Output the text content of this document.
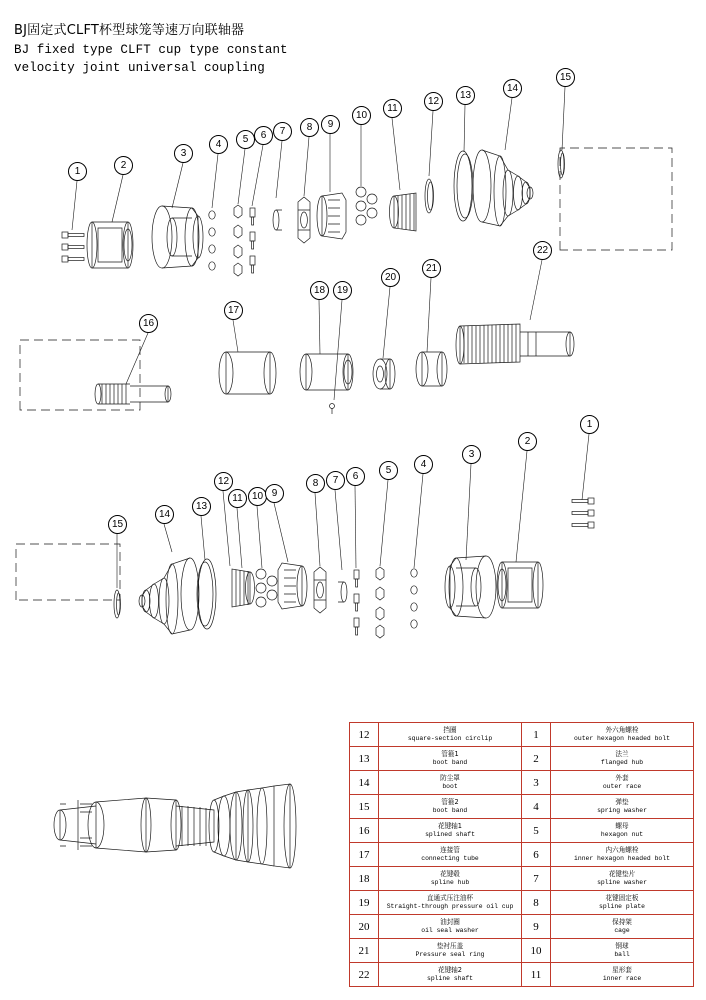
BJ固定式CLFT杯型球笼等速万向联轴器
BJ fixed type CLFT cup type constant
velocity joint universal coupling
1
2
3
4	5	6	7	8	9
10
11
12
13
14
15
16
17
18	19
20
21
22
15
14
13
11 10 9
12	8	7	6
5
4
3
2
1
12	挡圈
square-section circlip	1	外六角螺栓
outer hexagon headed bolt

13	管箍1
boot band	2	法兰
flanged hub

14	防尘罩
boot	3	外套
outer race

15	管箍2
boot band	4	弹垫
spring washer

16	花键轴1
splined shaft	5	螺母
hexagon nut

17	连接管
connecting tube	6	内六角螺栓
inner hexagon headed bolt

18	花键毂
spline hub	7	花键垫片
spline washer

19	直通式压注油杯
Straight-through pressure oil cup	8	花键固定板
spline plate

20	油封圈
oil seal washer	9	保持架
cage

21	垫衬压盖
Pressure seal ring	10	钢球
ball

22	花键轴2
spline shaft	11	星形套
inner race
